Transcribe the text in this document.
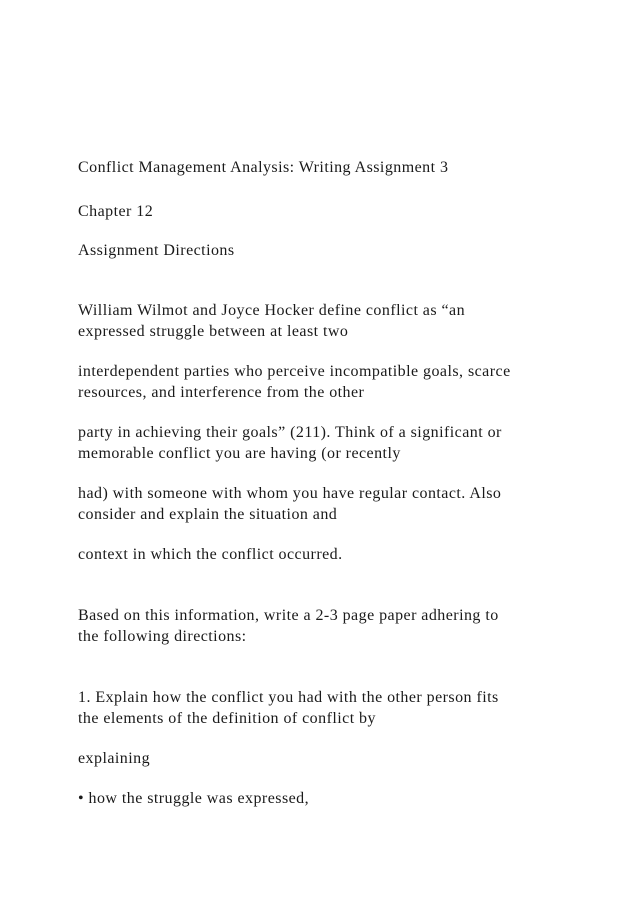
Conflict Management Analysis: Writing Assignment 3
Chapter 12
Assignment Directions
William Wilmot and Joyce Hocker define conflict as “an
expressed struggle between at least two
interdependent parties who perceive incompatible goals, scarce
resources, and interference from the other
party in achieving their goals” (211). Think of a significant or
memorable conflict you are having (or recently
had) with someone with whom you have regular contact. Also
consider and explain the situation and
context in which the conflict occurred.
Based on this information, write a 2-3 page paper adhering to
the following directions:
1. Explain how the conflict you had with the other person fits
the elements of the definition of conflict by
explaining
• how the struggle was expressed,
